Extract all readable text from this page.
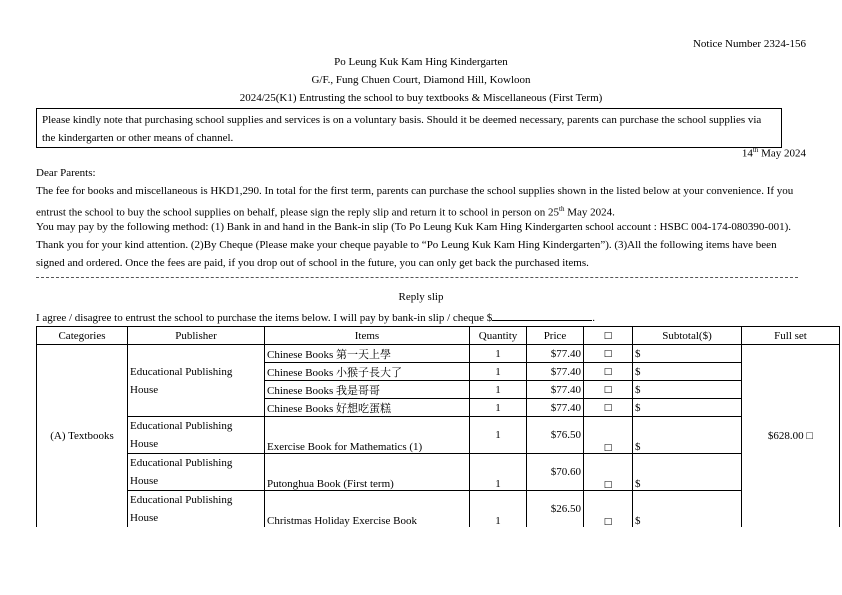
Notice Number 2324-156
Po Leung Kuk Kam Hing Kindergarten
G/F., Fung Chuen Court, Diamond Hill, Kowloon
2024/25(K1) Entrusting the school to buy textbooks & Miscellaneous (First Term)
Please kindly note that purchasing school supplies and services is on a voluntary basis. Should it be deemed necessary, parents can purchase the school supplies via the kindergarten or other means of channel.
14th May 2024
Dear Parents:
The fee for books and miscellaneous is HKD1,290. In total for the first term, parents can purchase the school supplies shown in the listed below at your convenience. If you entrust the school to buy the school supplies on behalf, please sign the reply slip and return it to school in person on 25th May 2024.
You may pay by the following method: (1) Bank in and hand in the Bank-in slip (To Po Leung Kuk Kam Hing Kindergarten school account : HSBC 004-174-080390-001). Thank you for your kind attention. (2)By Cheque (Please make your cheque payable to “Po Leung Kuk Kam Hing Kindergarten”). (3)All the following items have been signed and ordered. Once the fees are paid, if you drop out of school in the future, you can only get back the purchased items.
Reply slip
I agree / disagree to entrust the school to purchase the items below. I will pay by bank-in slip / cheque $	.
Categories	Publisher	Items	Quantity	Price	□	Subtotal($)	Full set
(A) Textbooks	Educational Publishing House	Chinese Books 第一天上學	1	$77.40	□	$	$628.00 □
		Chinese Books 小猴子長大了	1	$77.40	□	$	
		Chinese Books 我是哥哥	1	$77.40	□	$	
		Chinese Books 好想吃蛋糕	1	$77.40	□	$	
	Educational Publishing House	Exercise Book for Mathematics (1)	1	$76.50	□	$	
	Educational Publishing House	Putonghua Book (First term)	1	$70.60	□	$	
	Educational Publishing House	Christmas Holiday Exercise Book	1	$26.50	□	$	
